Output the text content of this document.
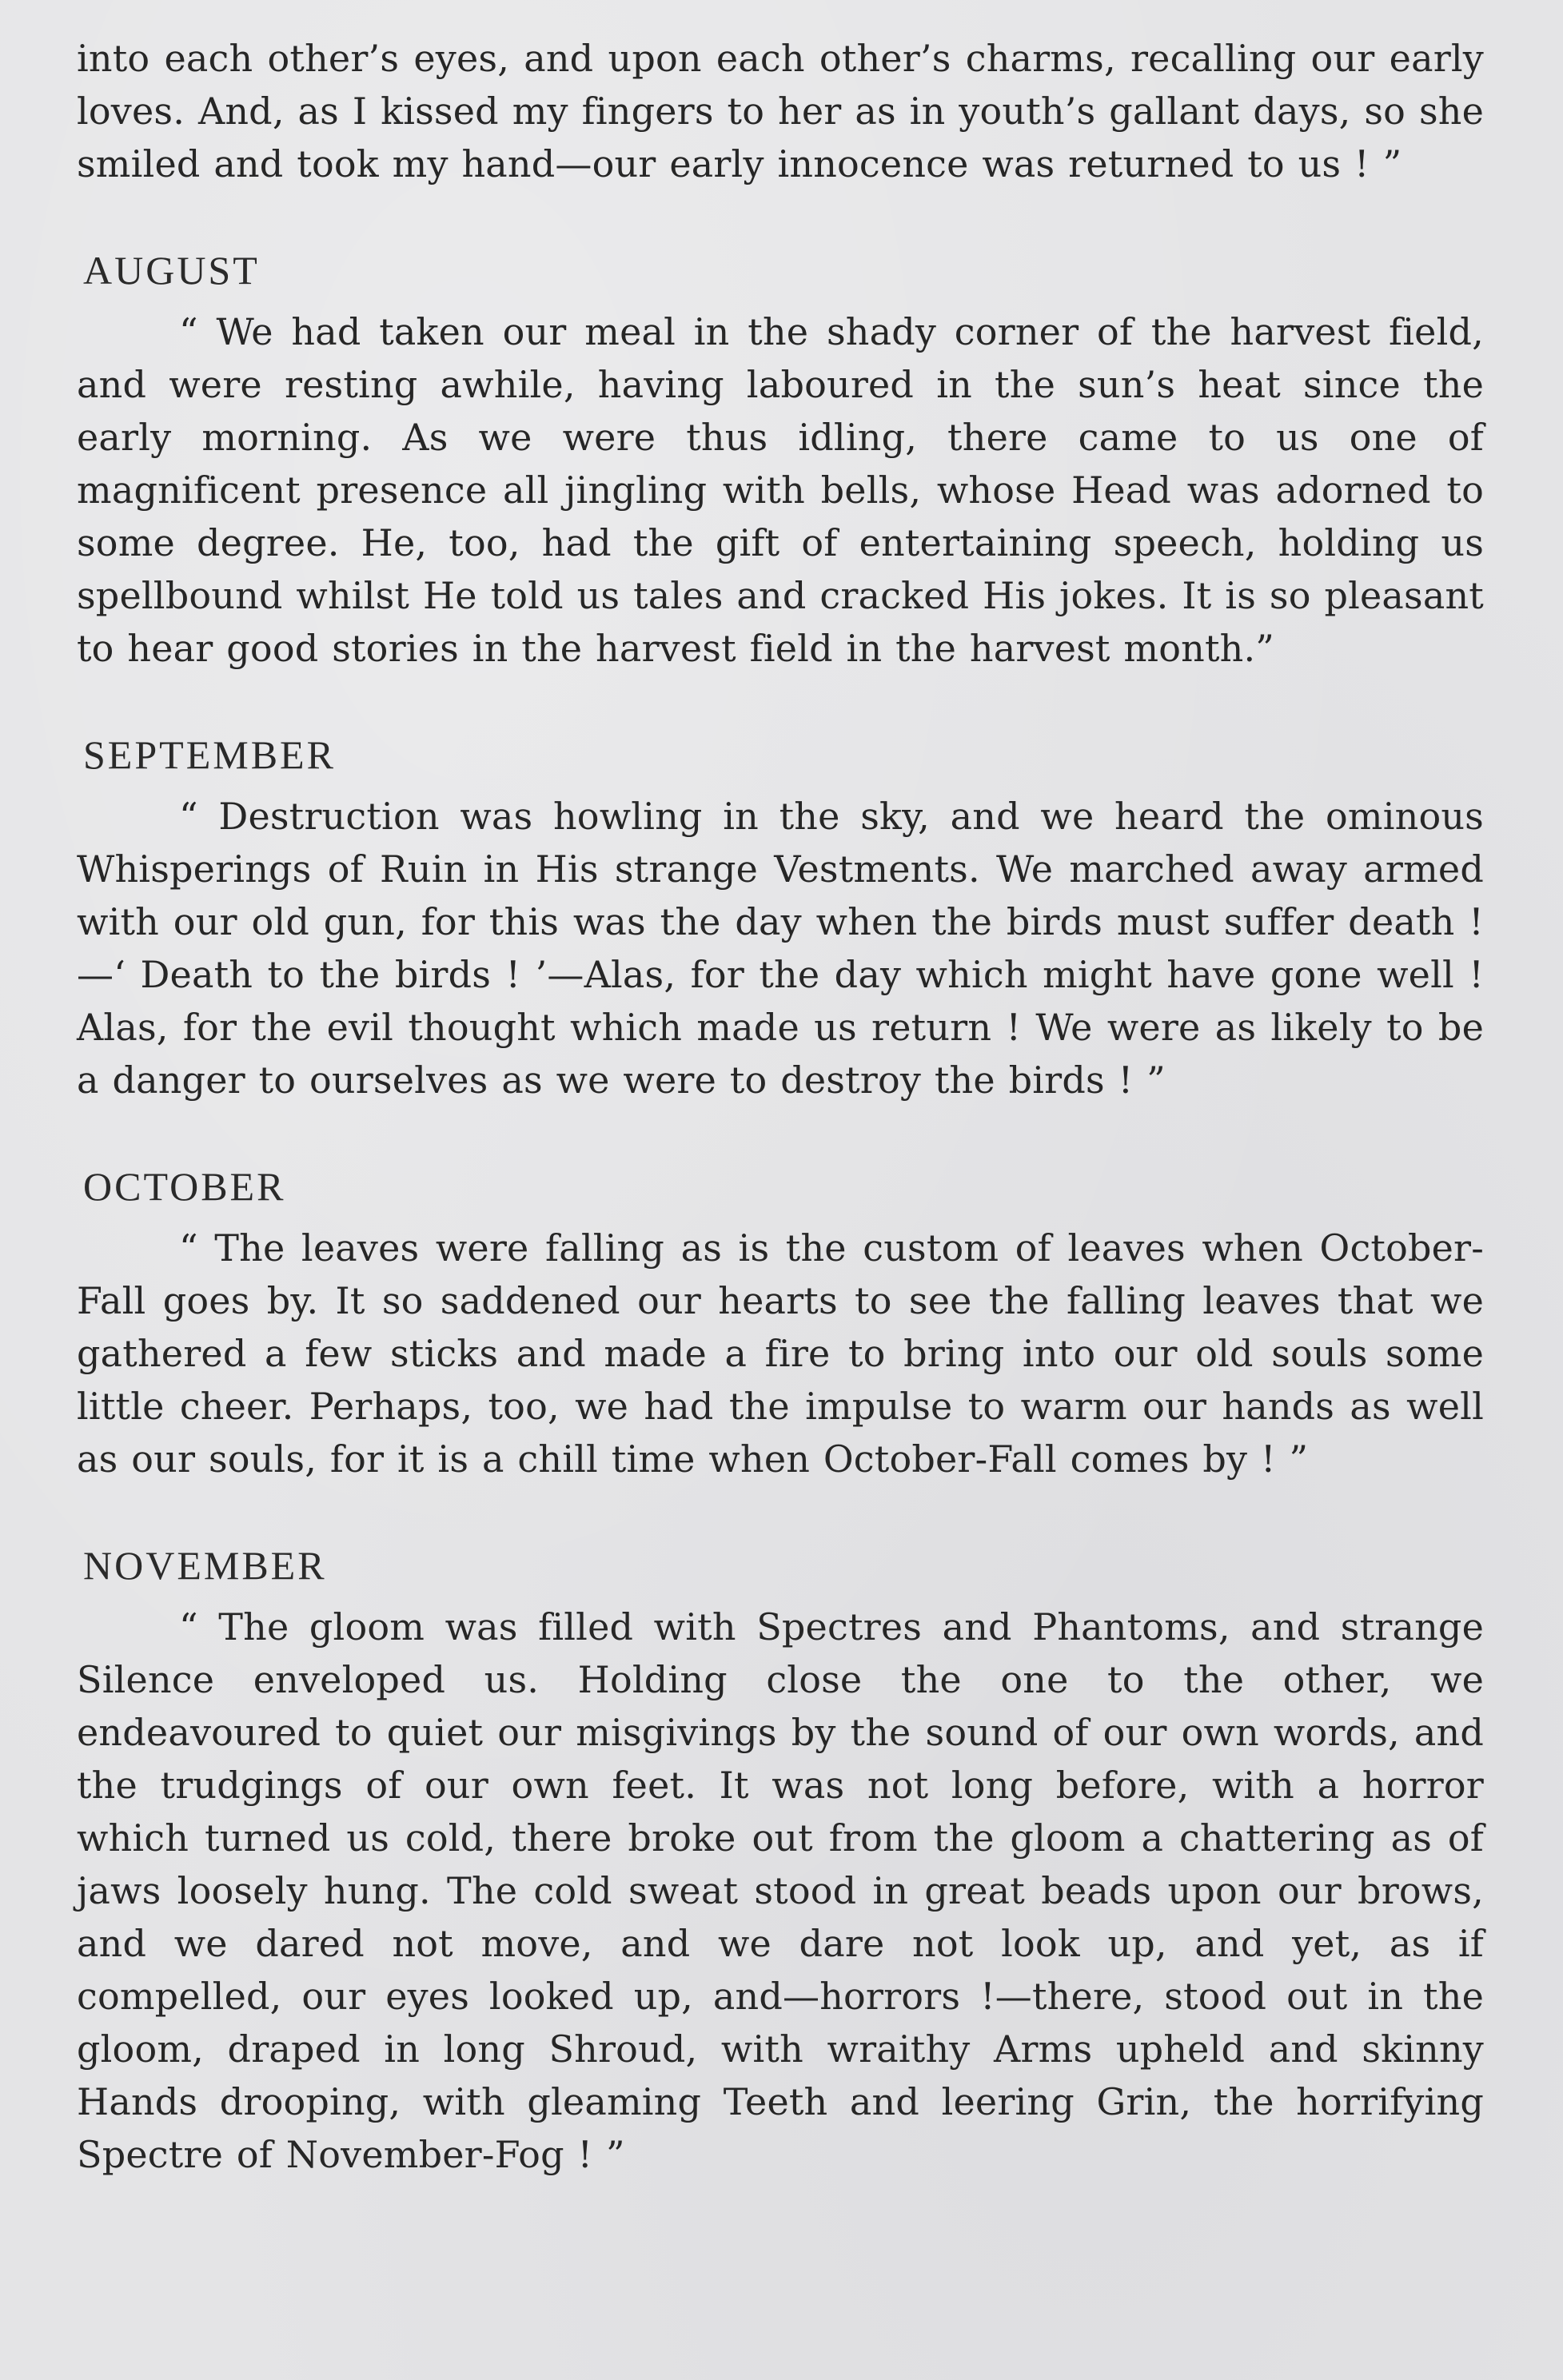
into each other’s eyes, and upon each other’s charms, recalling our early loves. And, as I kissed my fingers to her as in youth’s gallant days, so she smiled and took my hand—our early innocence was returned to us ! ”

AUGUST

“ We had taken our meal in the shady corner of the harvest field, and were resting awhile, having laboured in the sun’s heat since the early morning. As we were thus idling, there came to us one of magnificent presence all jingling with bells, whose Head was adorned to some degree. He, too, had the gift of entertaining speech, holding us spellbound whilst He told us tales and cracked His jokes. It is so pleasant to hear good stories in the harvest field in the harvest month.”

SEPTEMBER

“ Destruction was howling in the sky, and we heard the ominous Whisperings of Ruin in His strange Vestments. We marched away armed with our old gun, for this was the day when the birds must suffer death ! —‘ Death to the birds ! ’—Alas, for the day which might have gone well ! Alas, for the evil thought which made us return ! We were as likely to be a danger to ourselves as we were to destroy the birds ! ”

OCTOBER

“ The leaves were falling as is the custom of leaves when October-Fall goes by. It so saddened our hearts to see the falling leaves that we gathered a few sticks and made a fire to bring into our old souls some little cheer. Perhaps, too, we had the impulse to warm our hands as well as our souls, for it is a chill time when October-Fall comes by ! ”

NOVEMBER

“ The gloom was filled with Spectres and Phantoms, and strange Silence enveloped us. Holding close the one to the other, we endeavoured to quiet our misgivings by the sound of our own words, and the trudgings of our own feet. It was not long before, with a horror which turned us cold, there broke out from the gloom a chattering as of jaws loosely hung. The cold sweat stood in great beads upon our brows, and we dared not move, and we dare not look up, and yet, as if compelled, our eyes looked up, and—horrors !—there, stood out in the gloom, draped in long Shroud, with wraithy Arms upheld and skinny Hands drooping, with gleaming Teeth and leering Grin, the horrifying Spectre of November-Fog ! ”
